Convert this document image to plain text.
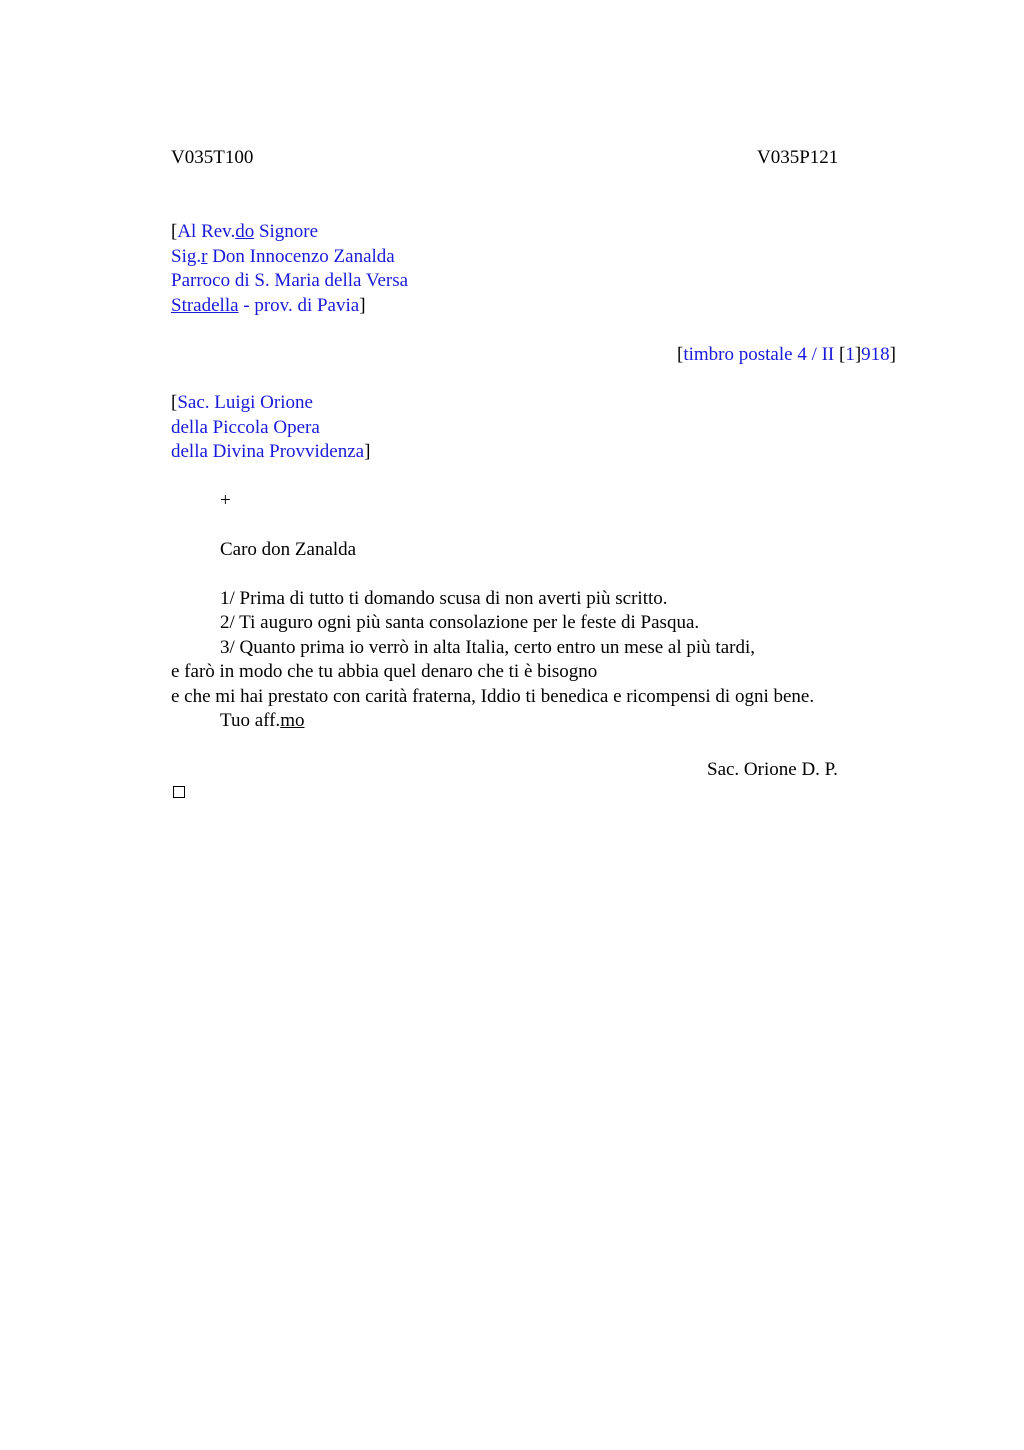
V035T100	V035P121
[Al Rev.do Signore
Sig.r Don Innocenzo Zanalda
Parroco di S. Maria della Versa
Stradella - prov. di Pavia]
[timbro postale 4 / II [1]918]
[Sac. Luigi Orione
della Piccola Opera
della Divina Provvidenza]
+
Caro don Zanalda
1/ Prima di tutto ti domando scusa di non averti più scritto.
2/ Ti auguro ogni più santa consolazione per le feste di Pasqua.
3/ Quanto prima io verrò in alta Italia, certo entro un mese al più tardi,
e farò in modo che tu abbia quel denaro che ti è bisogno
e che mi hai prestato con carità fraterna, Iddio ti benedica e ricompensi di ogni bene.
Tuo aff.mo
Sac. Orione D. P.
